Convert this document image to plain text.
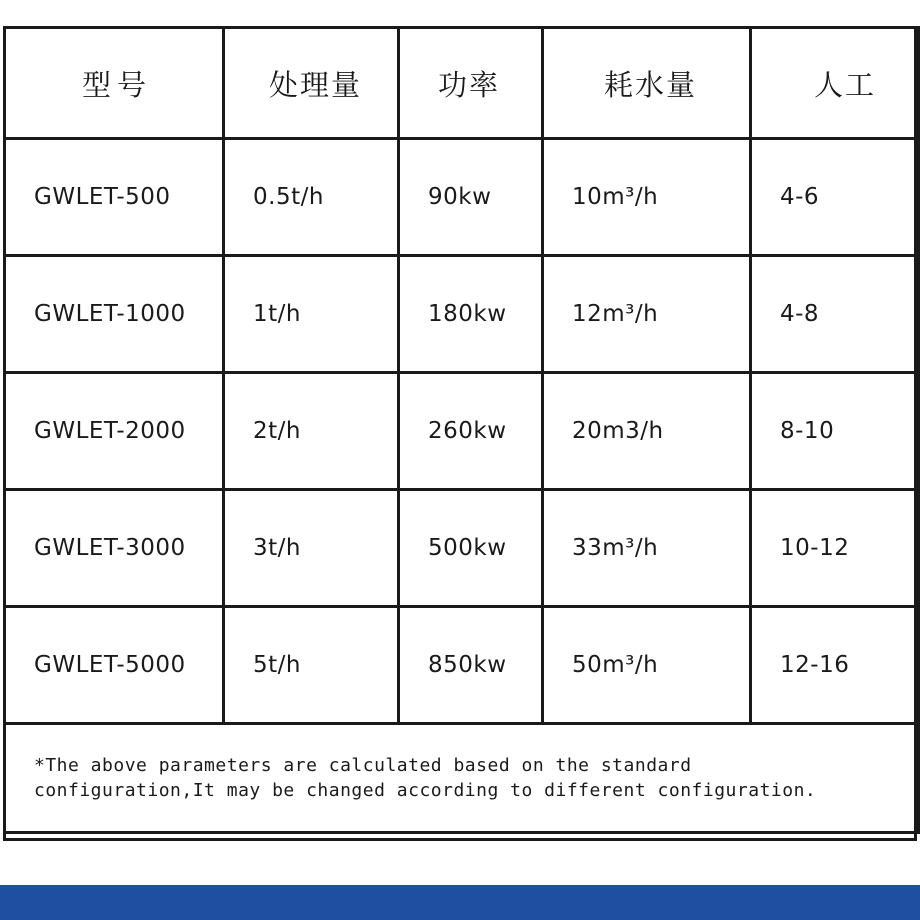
型号	处理量	功率	耗水量	人工
GWLET-500	0.5t/h	90kw	10m³/h	4-6
GWLET-1000	1t/h	180kw	12m³/h	4-8
GWLET-2000	2t/h	260kw	20m3/h	8-10
GWLET-3000	3t/h	500kw	33m³/h	10-12
GWLET-5000	5t/h	850kw	50m³/h	12-16
*The above parameters are calculated based on the standard
configuration,It may be changed according to different configuration.				
